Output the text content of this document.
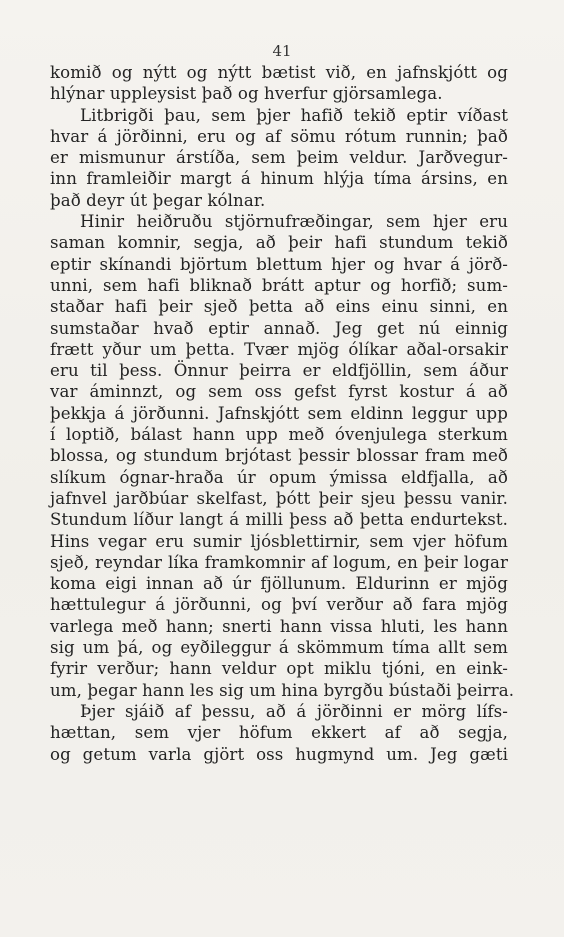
41
komið og nýtt og nýtt bætist við, en jafnskjótt og
hlýnar uppleysist það og hverfur gjörsamlega.
Litbrigði þau, sem þjer hafið tekið eptir víðast
hvar á jörðinni, eru og af sömu rótum runnin; það
er mismunur árstíða, sem þeim veldur. Jarðvegur-
inn framleiðir margt á hinum hlýja tíma ársins, en
það deyr út þegar kólnar.
Hinir heiðruðu stjörnufræðingar, sem hjer eru
saman komnir, segja, að þeir hafi stundum tekið
eptir skínandi björtum blettum hjer og hvar á jörð-
unni, sem hafi bliknað brátt aptur og horfið; sum-
staðar hafi þeir sjeð þetta að eins einu sinni, en
sumstaðar hvað eptir annað. Jeg get nú einnig
frætt yður um þetta. Tvær mjög ólíkar aðal-orsakir
eru til þess. Önnur þeirra er eldfjöllin, sem áður
var áminnzt, og sem oss gefst fyrst kostur á að
þekkja á jörðunni. Jafnskjótt sem eldinn leggur upp
í loptið, bálast hann upp með óvenjulega sterkum
blossa, og stundum brjótast þessir blossar fram með
slíkum ógnar-hraða úr opum ýmissa eldfjalla, að
jafnvel jarðbúar skelfast, þótt þeir sjeu þessu vanir.
Stundum líður langt á milli þess að þetta endurtekst.
Hins vegar eru sumir ljósblettirnir, sem vjer höfum
sjeð, reyndar líka framkomnir af logum, en þeir logar
koma eigi innan að úr fjöllunum. Eldurinn er mjög
hættulegur á jörðunni, og því verður að fara mjög
varlega með hann; snerti hann vissa hluti, les hann
sig um þá, og eyðileggur á skömmum tíma allt sem
fyrir verður; hann veldur opt miklu tjóni, en eink-
um, þegar hann les sig um hina byrgðu bústaði þeirra.
Þjer sjáið af þessu, að á jörðinni er mörg lífs-
hættan, sem vjer höfum ekkert af að segja,
og getum varla gjört oss hugmynd um. Jeg gæti
